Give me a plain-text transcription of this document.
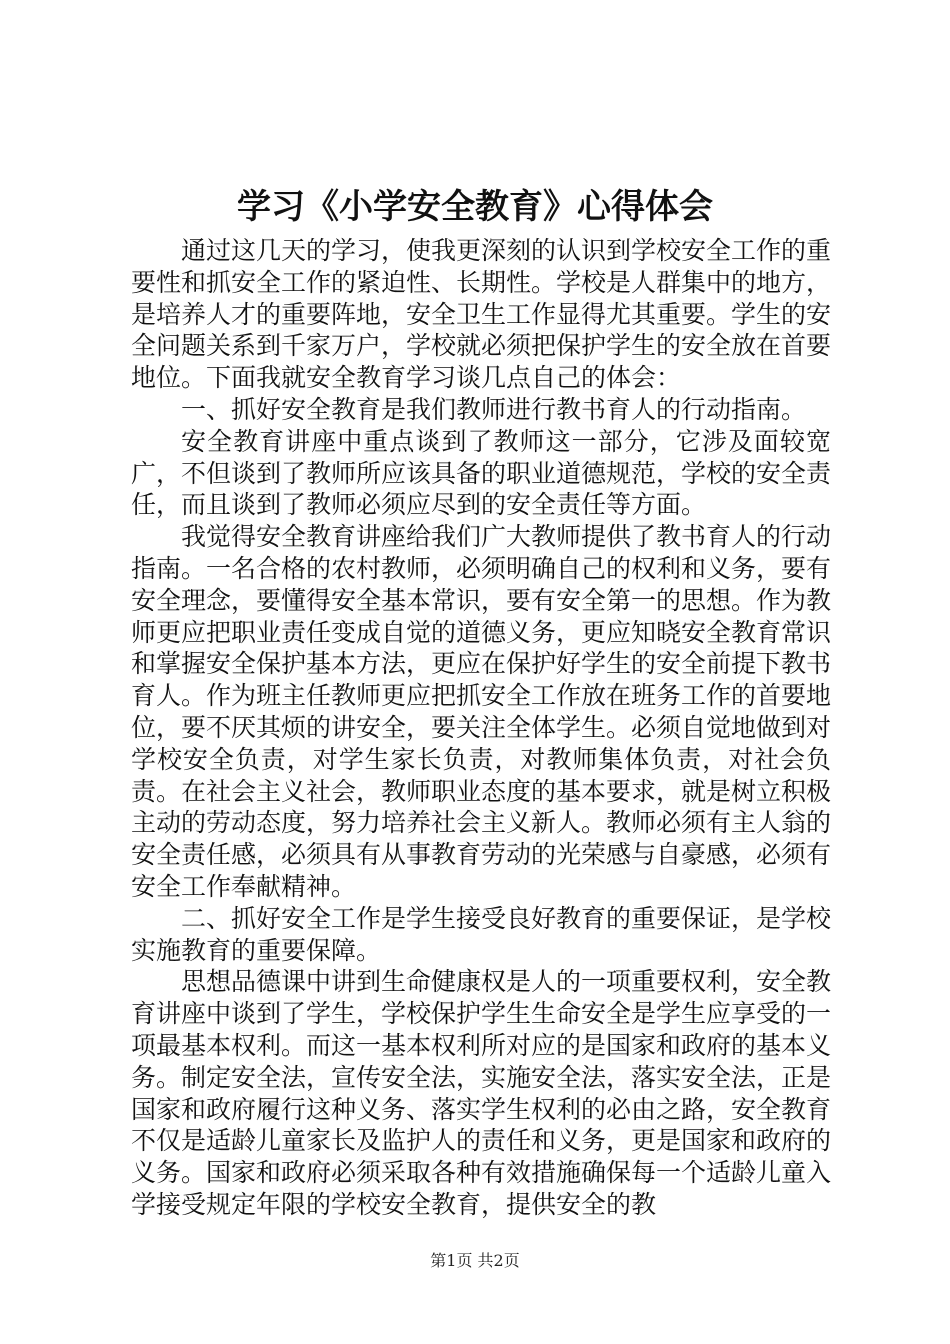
学习《小学安全教育》心得体会

通过这几天的学习，使我更深刻的认识到学校安全工作的重要性和抓安全工作的紧迫性、长期性。学校是人群集中的地方，是培养人才的重要阵地，安全卫生工作显得尤其重要。学生的安全问题关系到千家万户，学校就必须把保护学生的安全放在首要地位。下面我就安全教育学习谈几点自己的体会：

一、抓好安全教育是我们教师进行教书育人的行动指南。

安全教育讲座中重点谈到了教师这一部分，它涉及面较宽广，不但谈到了教师所应该具备的职业道德规范，学校的安全责任，而且谈到了教师必须应尽到的安全责任等方面。

我觉得安全教育讲座给我们广大教师提供了教书育人的行动指南。一名合格的农村教师，必须明确自己的权利和义务，要有安全理念，要懂得安全基本常识，要有安全第一的思想。作为教师更应把职业责任变成自觉的道德义务，更应知晓安全教育常识和掌握安全保护基本方法，更应在保护好学生的安全前提下教书育人。作为班主任教师更应把抓安全工作放在班务工作的首要地位，要不厌其烦的讲安全，要关注全体学生。必须自觉地做到对学校安全负责，对学生家长负责，对教师集体负责，对社会负责。在社会主义社会，教师职业态度的基本要求，就是树立积极主动的劳动态度，努力培养社会主义新人。教师必须有主人翁的安全责任感，必须具有从事教育劳动的光荣感与自豪感，必须有安全工作奉献精神。

二、抓好安全工作是学生接受良好教育的重要保证，是学校实施教育的重要保障。

思想品德课中讲到生命健康权是人的一项重要权利，安全教育讲座中谈到了学生，学校保护学生生命安全是学生应享受的一项最基本权利。而这一基本权利所对应的是国家和政府的基本义务。制定安全法，宣传安全法，实施安全法，落实安全法，正是国家和政府履行这种义务、落实学生权利的必由之路，安全教育不仅是适龄儿童家长及监护人的责任和义务，更是国家和政府的义务。国家和政府必须采取各种有效措施确保每一个适龄儿童入学接受规定年限的学校安全教育，提供安全的教

第1页 共2页
